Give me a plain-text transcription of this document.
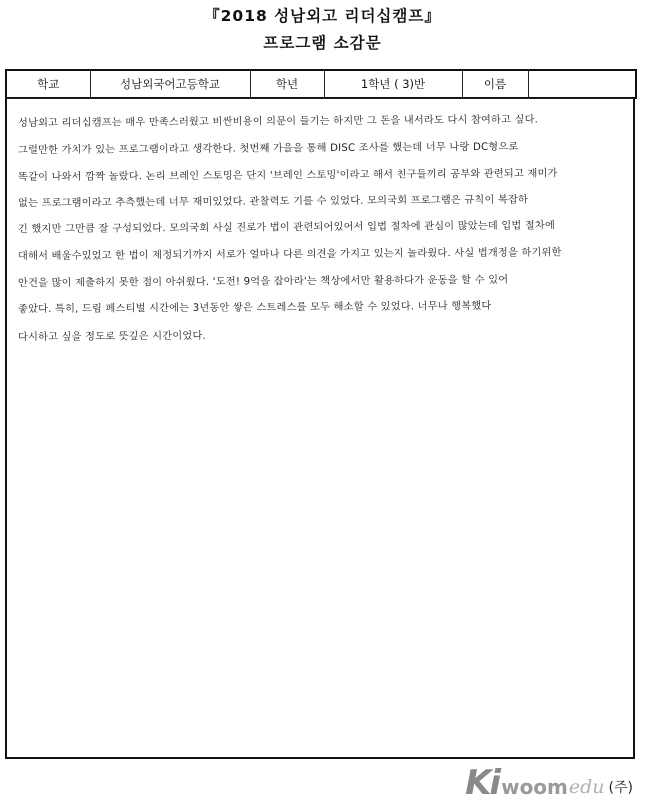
『2018 성남외고 리더십캠프』
프로그램 소감문
학교	성남외국어고등학교	학년	1학년 ( 3)반	이름	
성남외고 리더십캠프는 매우 만족스러웠고 비싼비용이 의문이 들기는 하지만 그 돈을 내서라도 다시 참여하고 싶다.
그럴만한 가치가 있는 프로그램이라고 생각한다. 첫번째 가을을 통해 DISC 조사를 했는데 너무 나랑 DC형으로
똑같이 나와서 깜짝 놀랐다. 논리 브레인 스토밍은 단지 '브레인 스토밍'이라고 해서 친구들끼리 공부와 관련되고 재미가
없는 프로그램이라고 추측했는데 너무 재미있었다. 관찰력도 기를 수 있었다. 모의국회 프로그램은 규칙이 복잡하
긴 했지만 그만큼 잘 구성되었다. 모의국회 사실 진로가 법이 관련되어있어서 입법 절차에 관심이 많았는데 입법 절차에
대해서 배울수있었고 한 법이 제정되기까지 서로가 얼마나 다른 의견을 가지고 있는지 놀라웠다. 사실 법개정을 하기위한
안건을 많이 제출하지 못한 점이 아쉬웠다. '도전! 9억을 잡아라'는 책상에서만 활용하다가 운동을 할 수 있어
좋았다. 특히, 드림 페스티벌 시간에는 3년동안 쌓은 스트레스를 모두 해소할 수 있었다. 너무나 행복했다
다시하고 싶을 정도로 뜻깊은 시간이었다.
Ki woom edu (주)
